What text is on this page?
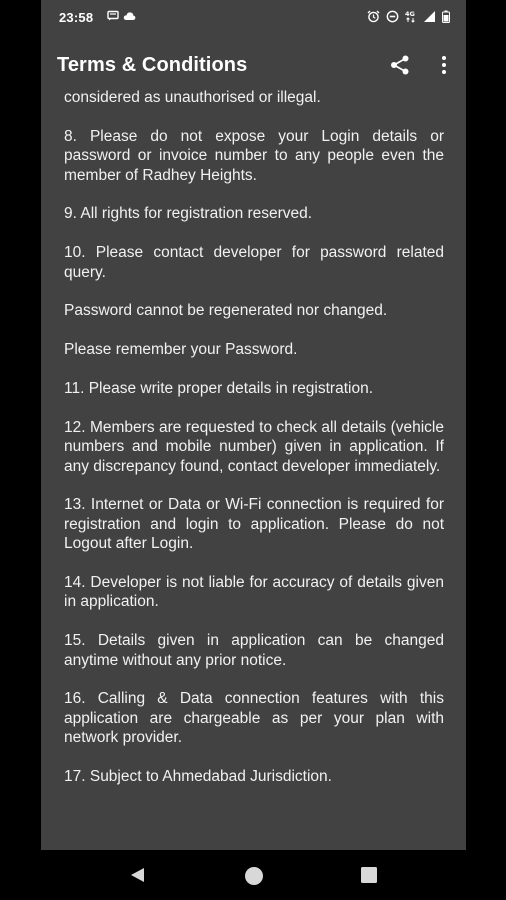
23:58	4G
Terms & Conditions

considered as unauthorised or illegal.

8. Please do not expose your Login details or password or invoice number to any people even the member of Radhey Heights.

9. All rights for registration reserved.

10. Please contact developer for password related query.

Password cannot be regenerated nor changed.

Please remember your Password.

11. Please write proper details in registration.

12. Members are requested to check all details (vehicle numbers and mobile number) given in application. If any discrepancy found, contact developer immediately.

13. Internet or Data or Wi-Fi connection is required for registration and login to application. Please do not Logout after Login.

14. Developer is not liable for accuracy of details given in application.

15. Details given in application can be changed anytime without any prior notice.

16. Calling & Data connection features with this application are chargeable as per your plan with network provider.

17. Subject to Ahmedabad Jurisdiction.
